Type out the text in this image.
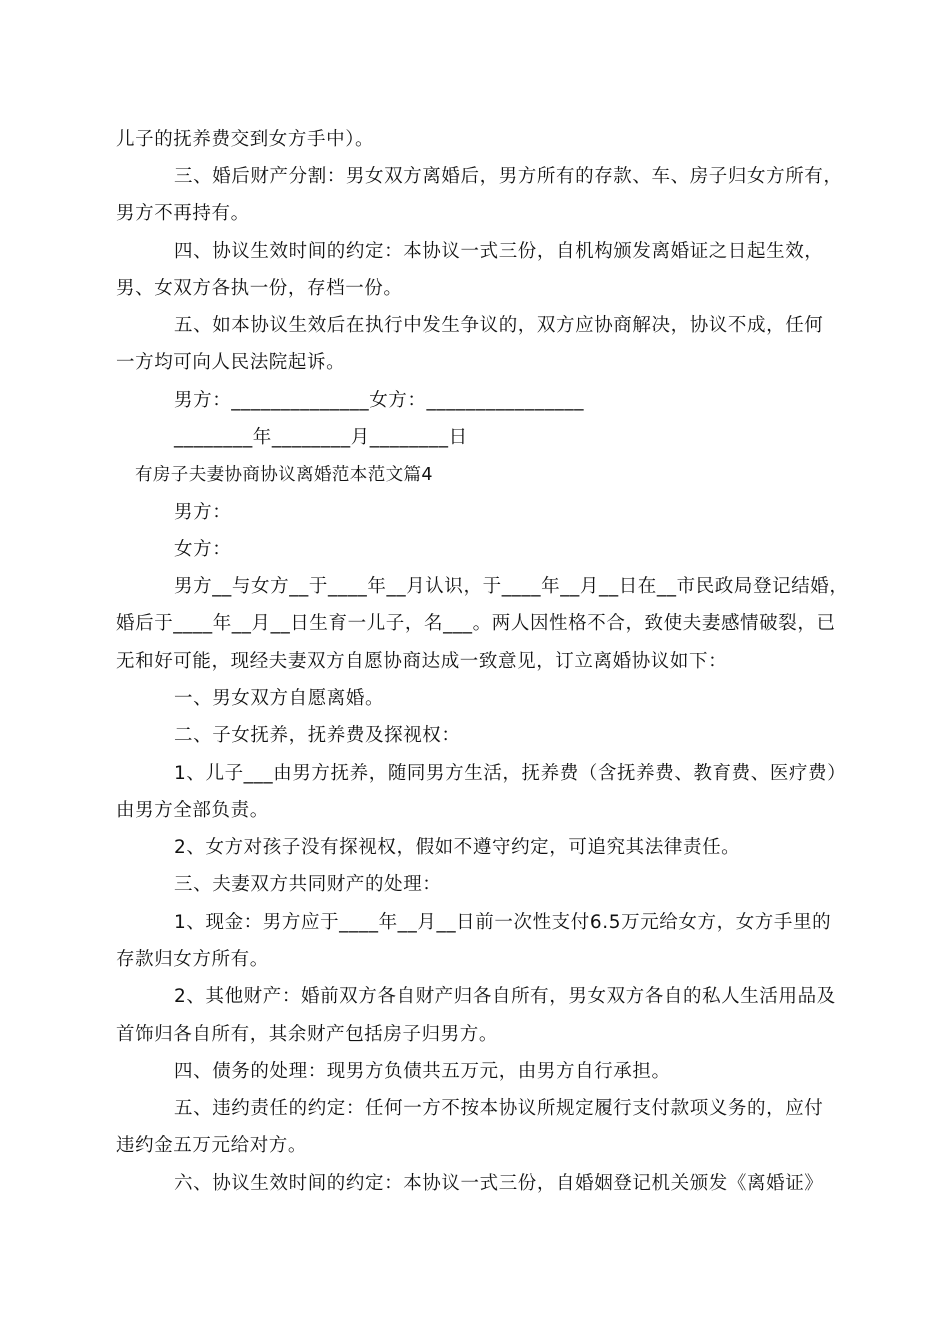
儿子的抚养费交到女方手中）。
三、婚后财产分割：男女双方离婚后，男方所有的存款、车、房子归女方所有，
男方不再持有。
四、协议生效时间的约定：本协议一式三份，自机构颁发离婚证之日起生效，
男、女双方各执一份，存档一份。
五、如本协议生效后在执行中发生争议的，双方应协商解决，协议不成，任何
一方均可向人民法院起诉。
男方：______________女方：________________
________年________月________日
有房子夫妻协商协议离婚范本范文篇4
男方：
女方：
男方__与女方__于____年__月认识，于____年__月__日在__市民政局登记结婚，
婚后于____年__月__日生育一儿子，名___。两人因性格不合，致使夫妻感情破裂，已
无和好可能，现经夫妻双方自愿协商达成一致意见，订立离婚协议如下：
一、男女双方自愿离婚。
二、子女抚养，抚养费及探视权：
1、儿子___由男方抚养，随同男方生活，抚养费（含抚养费、教育费、医疗费）
由男方全部负责。
2、女方对孩子没有探视权，假如不遵守约定，可追究其法律责任。
三、夫妻双方共同财产的处理：
1、现金：男方应于____年__月__日前一次性支付6.5万元给女方，女方手里的
存款归女方所有。
2、其他财产：婚前双方各自财产归各自所有，男女双方各自的私人生活用品及
首饰归各自所有，其余财产包括房子归男方。
四、债务的处理：现男方负债共五万元，由男方自行承担。
五、违约责任的约定：任何一方不按本协议所规定履行支付款项义务的，应付
违约金五万元给对方。
六、协议生效时间的约定：本协议一式三份，自婚姻登记机关颁发《离婚证》
